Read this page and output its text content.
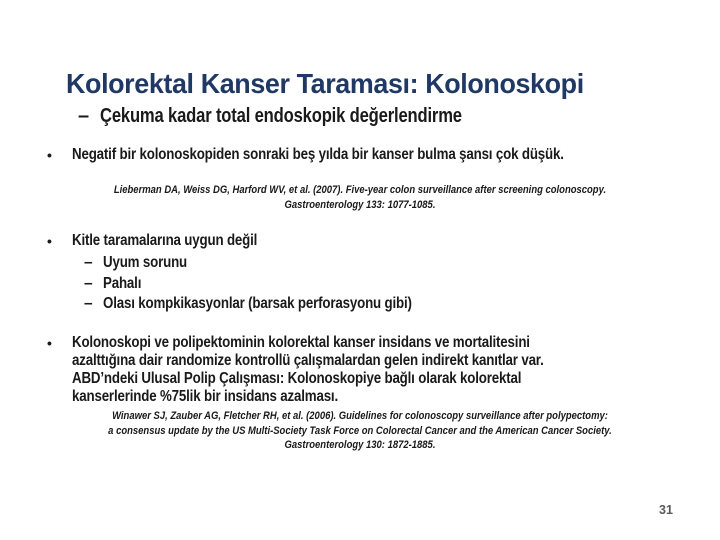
Kolorektal Kanser Taraması: Kolonoskopi
– Çekuma kadar total endoskopik değerlendirme
• Negatif bir kolonoskopiden sonraki beş yılda bir kanser bulma şansı çok düşük.
Lieberman DA, Weiss DG, Harford WV, et al. (2007). Five-year colon surveillance after screening colonoscopy.
Gastroenterology 133: 1077-1085.
• Kitle taramalarına uygun değil
– Uyum sorunu
– Pahalı
– Olası kompkikasyonlar (barsak perforasyonu gibi)
• Kolonoskopi ve polipektominin kolorektal kanser insidans ve mortalitesini
azalttığına dair randomize kontrollü çalışmalardan gelen indirekt kanıtlar var.
ABD’ndeki Ulusal Polip Çalışması: Kolonoskopiye bağlı olarak kolorektal
kanserlerinde %75lik bir insidans azalması.
Winawer SJ, Zauber AG, Fletcher RH, et al. (2006). Guidelines for colonoscopy surveillance after polypectomy:
a consensus update by the US Multi-Society Task Force on Colorectal Cancer and the American Cancer Society.
Gastroenterology 130: 1872-1885.
31
